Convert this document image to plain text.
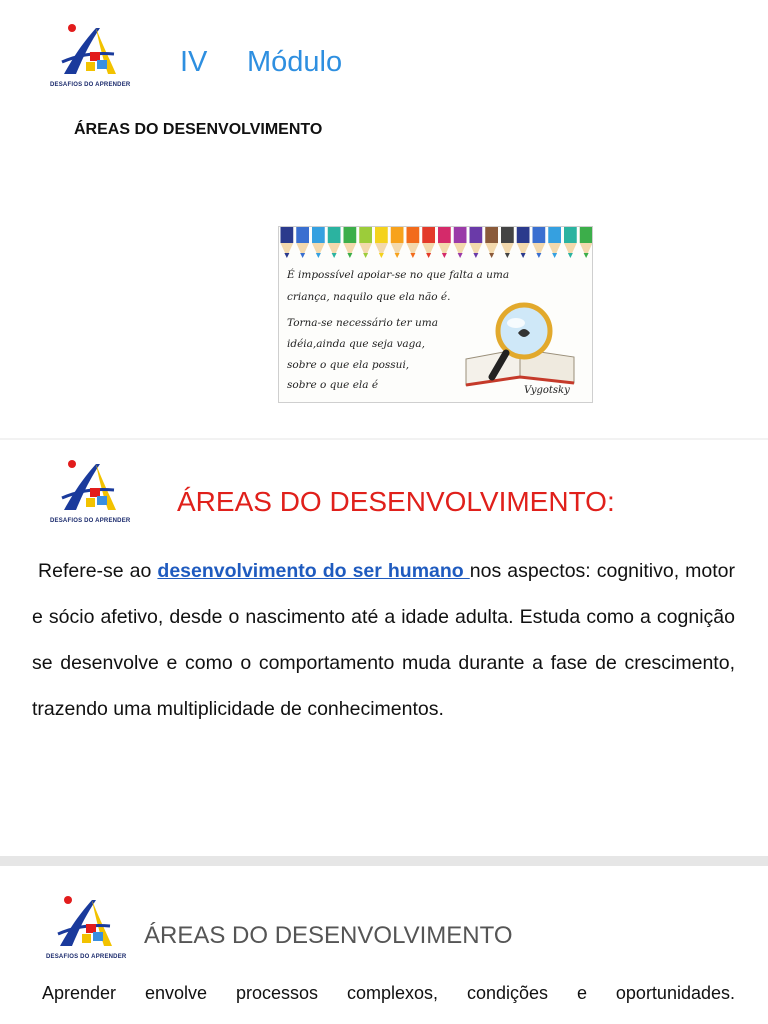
DESAFIOS DO APRENDER
IV Módulo
ÁREAS DO DESENVOLVIMENTO
É impossível apoiar-se no que falta a uma
criança, naquilo que ela não é.
Torna-se necessário ter uma
idéia,ainda que seja vaga,
sobre o que ela possui,
sobre o que ela é	Vygotsky
DESAFIOS DO APRENDER
ÁREAS DO DESENVOLVIMENTO:
Refere-se ao desenvolvimento do ser humano nos aspectos: cognitivo, motor e sócio afetivo, desde o nascimento até a idade adulta. Estuda como a cognição se desenvolve e como o comportamento muda durante a fase de crescimento, trazendo uma multiplicidade de conhecimentos.
DESAFIOS DO APRENDER
ÁREAS DO DESENVOLVIMENTO
Aprender envolve processos complexos, condições e oportunidades.
